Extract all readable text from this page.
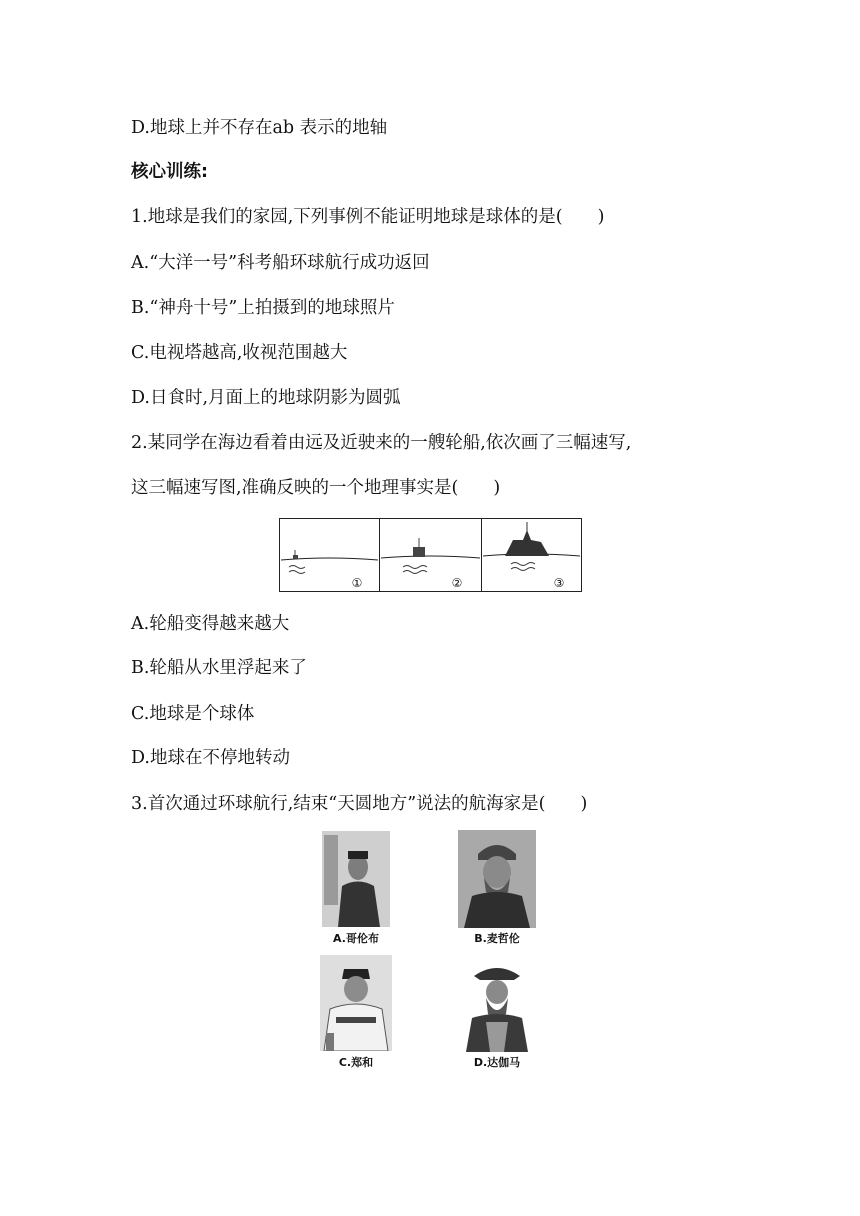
D.地球上并不存在ab 表示的地轴
核心训练:
1.地球是我们的家园,下列事例不能证明地球是球体的是(　　)
A.“大洋一号”科考船环球航行成功返回
B.“神舟十号”上拍摄到的地球照片
C.电视塔越高,收视范围越大
D.日食时,月面上的地球阴影为圆弧
2.某同学在海边看着由远及近驶来的一艘轮船,依次画了三幅速写,
这三幅速写图,准确反映的一个地理事实是(　　)
①	②	③
A.轮船变得越来越大
B.轮船从水里浮起来了
C.地球是个球体
D.地球在不停地转动
3.首次通过环球航行,结束“天圆地方”说法的航海家是(　　)
A.哥伦布	B.麦哲伦
C.郑和	D.达伽马
